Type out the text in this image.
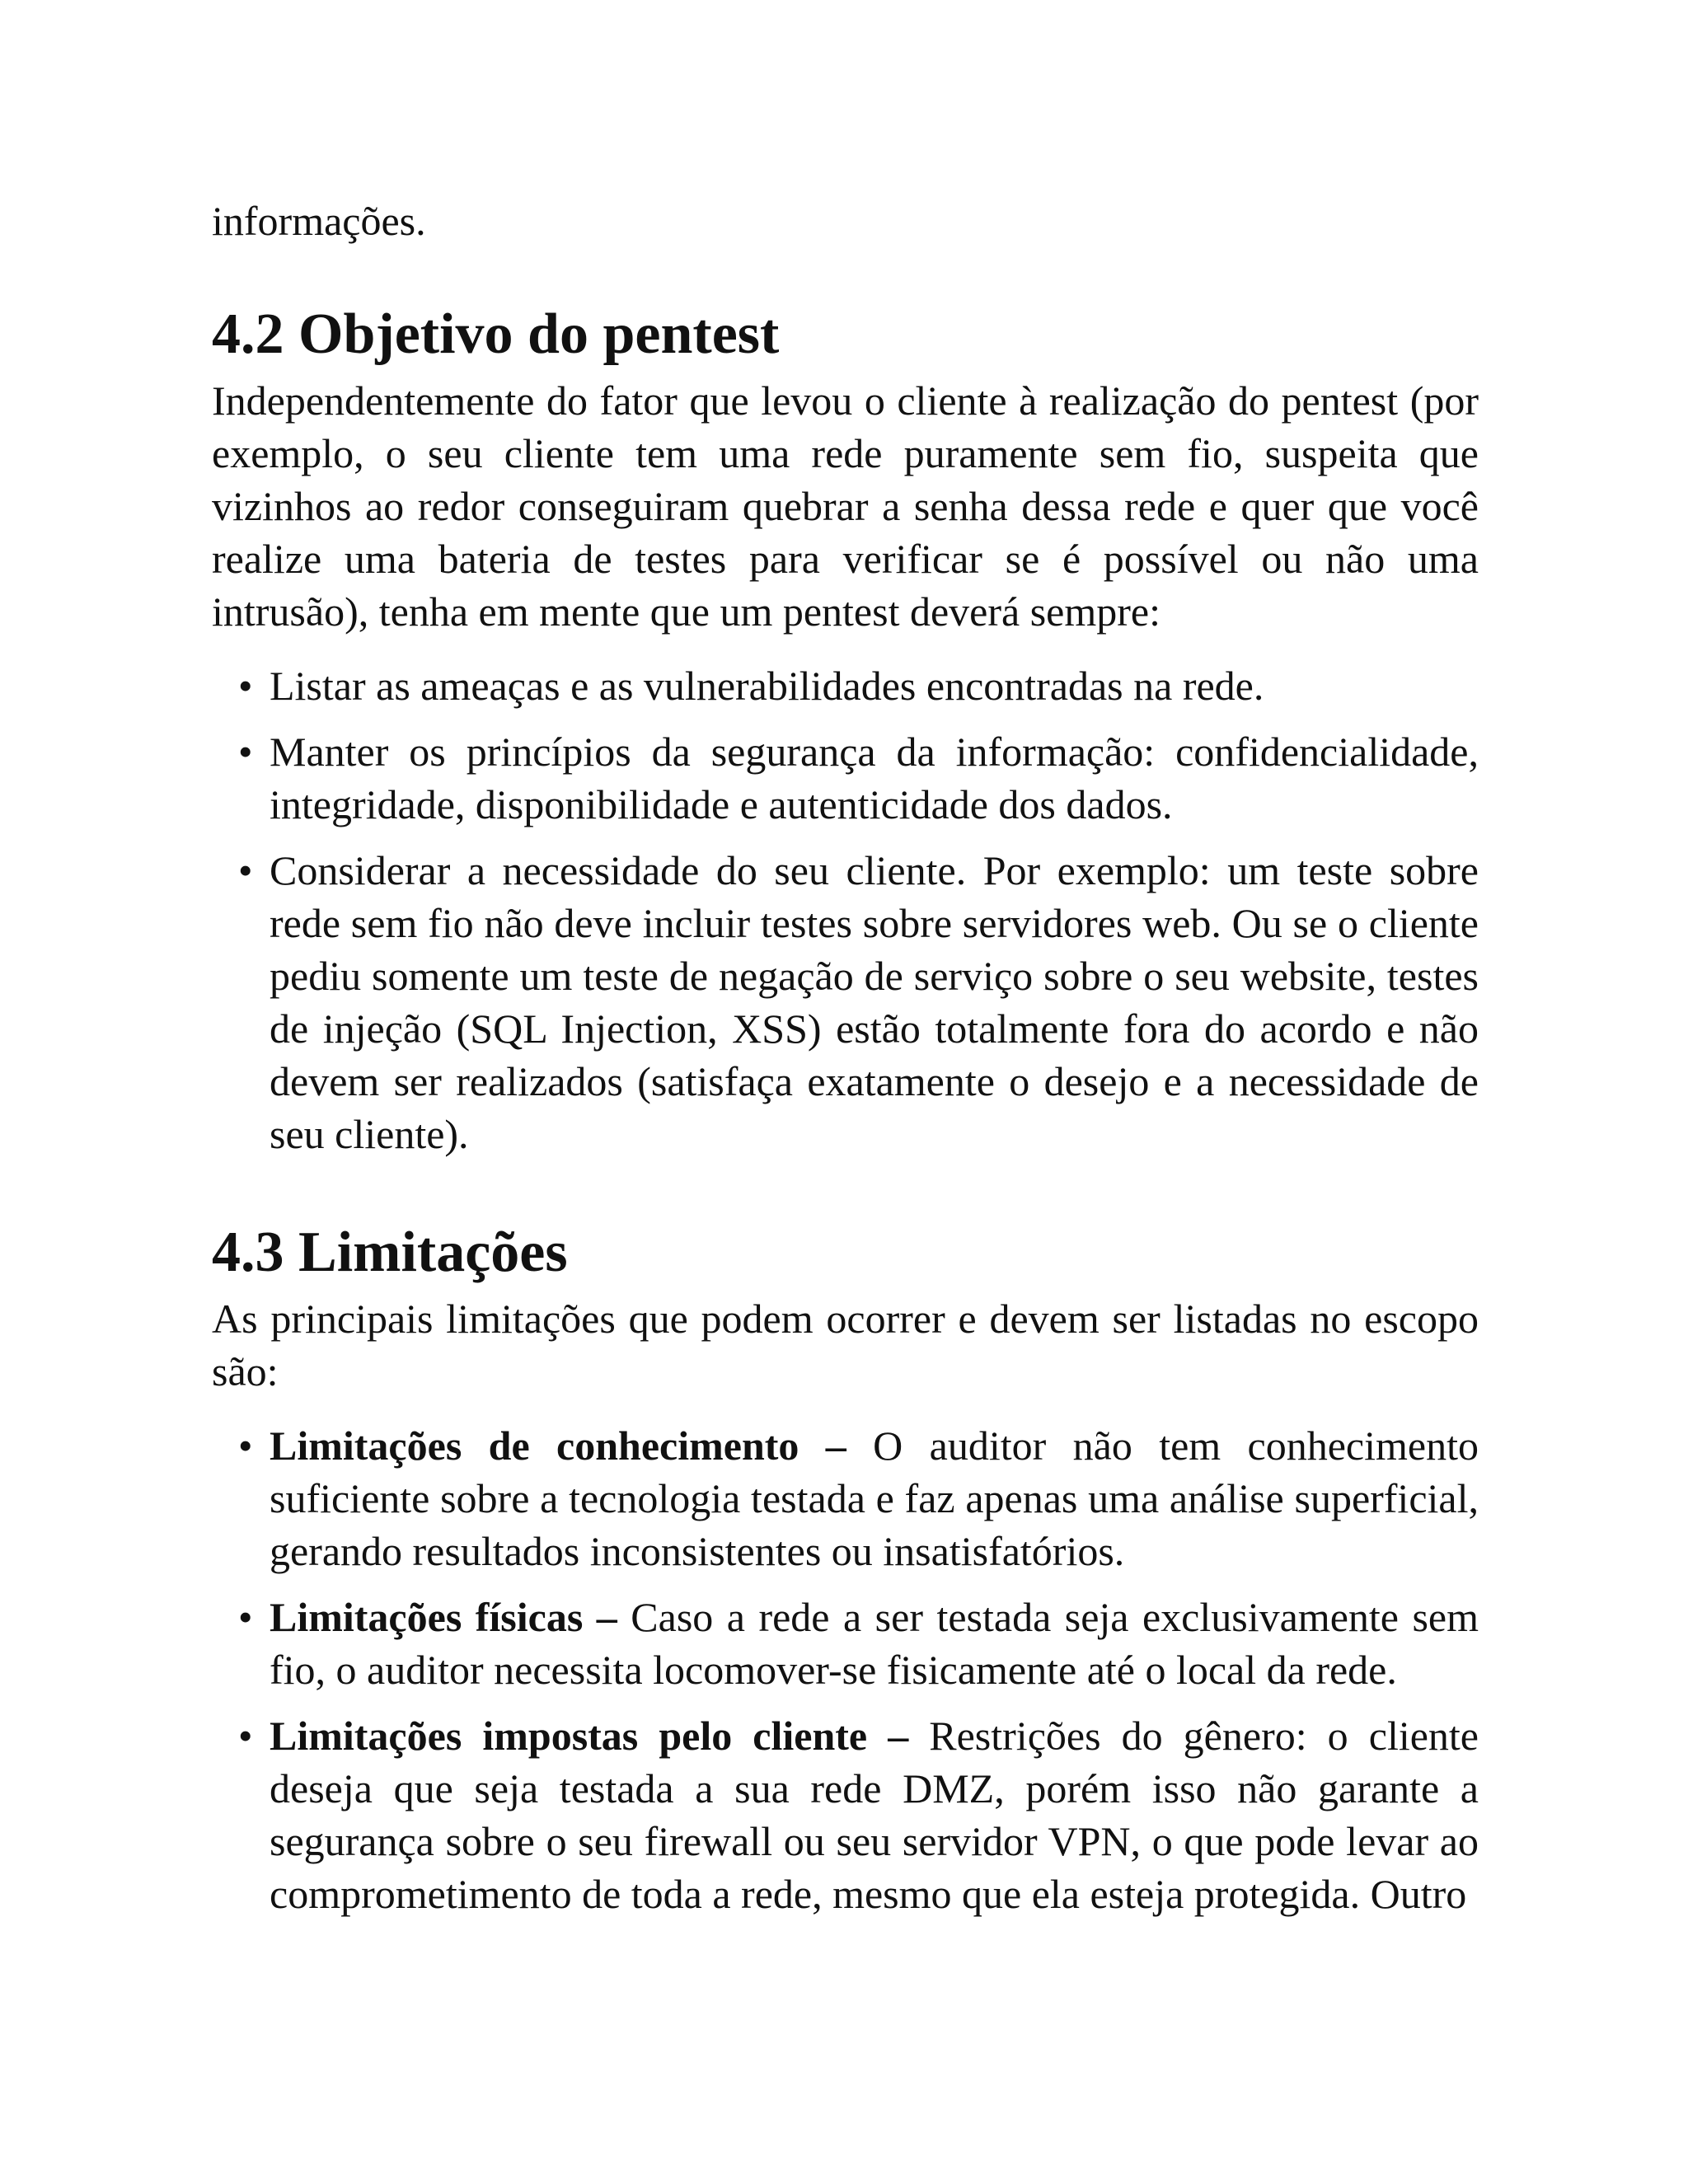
informações.

4.2 Objetivo do pentest

Independentemente do fator que levou o cliente à realização do pentest (por exemplo, o seu cliente tem uma rede puramente sem fio, suspeita que vizinhos ao redor conseguiram quebrar a senha dessa rede e quer que você realize uma bateria de testes para verificar se é possível ou não uma intrusão), tenha em mente que um pentest deverá sempre:

• Listar as ameaças e as vulnerabilidades encontradas na rede.
• Manter os princípios da segurança da informação: confidencialidade, integridade, disponibilidade e autenticidade dos dados.
• Considerar a necessidade do seu cliente. Por exemplo: um teste sobre rede sem fio não deve incluir testes sobre servidores web. Ou se o cliente pediu somente um teste de negação de serviço sobre o seu website, testes de injeção (SQL Injection, XSS) estão totalmente fora do acordo e não devem ser realizados (satisfaça exatamente o desejo e a necessidade de seu cliente).
4.3 Limitações

As principais limitações que podem ocorrer e devem ser listadas no escopo são:

• Limitações de conhecimento – O auditor não tem conhecimento suficiente sobre a tecnologia testada e faz apenas uma análise superficial, gerando resultados inconsistentes ou insatisfatórios.
• Limitações físicas – Caso a rede a ser testada seja exclusivamente sem fio, o auditor necessita locomover-se fisicamente até o local da rede.
• Limitações impostas pelo cliente – Restrições do gênero: o cliente deseja que seja testada a sua rede DMZ, porém isso não garante a segurança sobre o seu firewall ou seu servidor VPN, o que pode levar ao comprometimento de toda a rede, mesmo que ela esteja protegida. Outro
